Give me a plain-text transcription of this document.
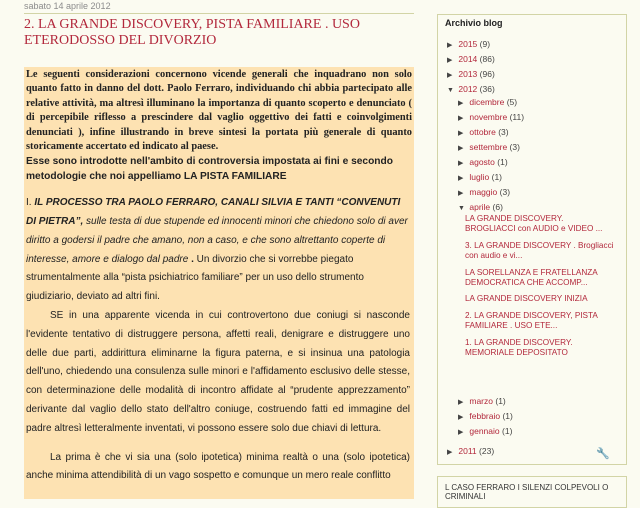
sabato 14 aprile 2012
2. LA GRANDE DISCOVERY, PISTA FAMILIARE . USO ETERODOSSO DEL DIVORZIO

Le seguenti considerazioni concernono vicende generali che inquadrano non solo quanto fatto in danno del dott. Paolo Ferraro, individuando chi abbia partecipato alle relative attività, ma altresì illuminano la importanza di quanto scoperto e denunciato ( di percepibile riflesso a prescindere dal vaglio oggettivo dei fatti e coinvolgimenti denunciati ), infine illustrando in breve sintesi la portata più generale di quanto storicamente accertato ed indicato al paese.

Esse sono introdotte nell'ambito di controversia impostata ai fini e secondo metodologie che noi appelliamo LA PISTA FAMILIARE

I. IL PROCESSO TRA PAOLO FERRARO, CANALI SILVIA E TANTI “CONVENUTI DI PIETRA”, sulle testa di due stupende ed innocenti minori che chiedono solo di aver diritto a godersi il padre che amano, non a caso, e che sono altrettanto coperte di interesse, amore e dialogo dal padre . Un divorzio che si vorrebbe piegato strumentalmente alla “pista psichiatrico familiare” per un uso dello strumento giudiziario, deviato ad altri fini.

SE in una apparente vicenda in cui controvertono due coniugi si nasconde l'evidente tentativo di distruggere persona, affetti reali, denigrare e distruggere uno delle due parti, addirittura eliminarne la figura paterna, e si insinua una patologia dell'uno, chiedendo una consulenza sulle minori e l'affidamento esclusivo delle stesse, con determinazione delle modalità di incontro affidate al “prudente apprezzamento” derivante dal vaglio dello stato dell'altro coniuge, costruendo fatti ed immagine del padre altresì letteralmente inventati, vi possono essere solo due chiavi di lettura.

La prima è che vi sia una (solo ipotetica) minima realtà o una (solo ipotetica) anche minima attendibilità di un vago sospetto e comunque un mero reale conflitto

Archivio blog
▶ 2015 (9)
▶ 2014 (86)
▶ 2013 (96)
▼ 2012 (36)
▶ dicembre (5)
▶ novembre (11)
▶ ottobre (3)
▶ settembre (3)
▶ agosto (1)
▶ luglio (1)
▶ maggio (3)
▼ aprile (6)
LA GRANDE DISCOVERY. BROGLIACCI con AUDIO e VIDEO ...
3. LA GRANDE DISCOVERY . Brogliacci con audio e vi...
LA SORELLANZA E FRATELLANZA DEMOCRATICA CHE ACCOMP...
LA GRANDE DISCOVERY INIZIA
2. LA GRANDE DISCOVERY, PISTA FAMILIARE . USO ETE...
1. LA GRANDE DISCOVERY. MEMORIALE DEPOSITATO
▶ marzo (1)
▶ febbraio (1)
▶ gennaio (1)
▶ 2011 (23)	🔧
L CASO FERRARO I SILENZI COLPEVOLI O CRIMINALI
